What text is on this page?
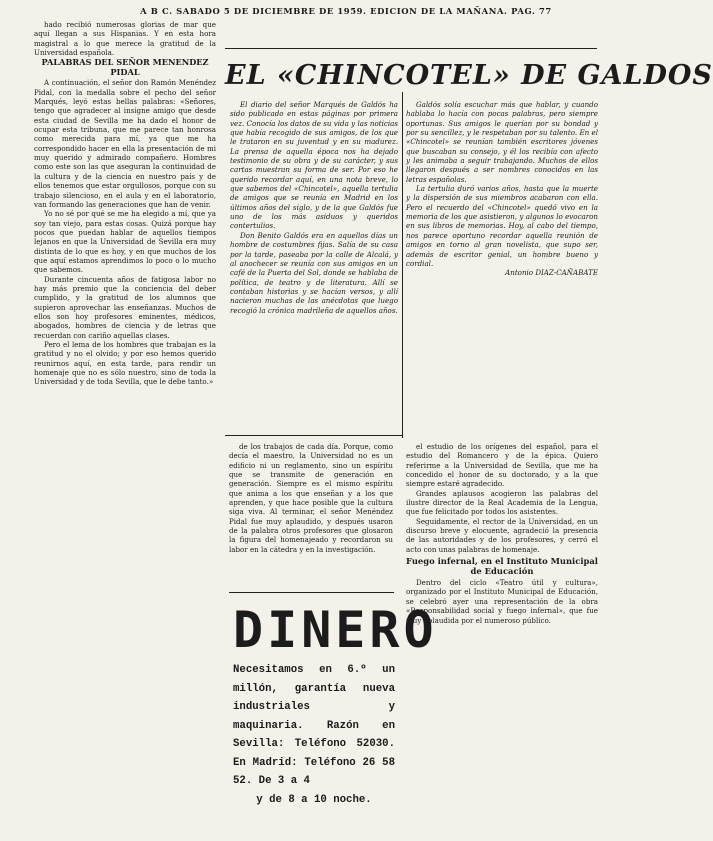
A B C. SABADO 5 DE DICIEMBRE DE 1959. EDICION DE LA MAÑANA. PAG. 77

hado recibió numerosas glorias de mar que aquí llegan a sus Hispanias. Y en esta hora magistral a lo que merece la gratitud de la Universidad española.

PALABRAS DEL SEÑOR MENENDEZ PIDAL

A continuación, el señor don Ramón Menéndez Pidal, con la medalla sobre el pecho del señor Marqués, leyó estas bellas palabras: «Señores, tengo que agradecer al insigne amigo que desde esta ciudad de Sevilla me ha dado el honor de ocupar esta tribuna, que me parece tan honrosa como merecida para mí, ya que me ha correspondido hacer en ella la presentación de mi muy querido y admirado compañero. Hombres como este son las que aseguran la continuidad de la cultura y de la ciencia en nuestro país y de ellos tenemos que estar orgullosos, porque con su trabajo silencioso, en el aula y en el laboratorio, van formando las generaciones que han de venir.

Yo no sé por qué se me ha elegido a mí, que ya soy tan viejo, para estas cosas. Quizá porque hay pocos que puedan hablar de aquellos tiempos lejanos en que la Universidad de Sevilla era muy distinta de lo que es hoy, y en que muchos de los que aquí estamos aprendimos lo poco o lo mucho que sabemos.

Durante cincuenta años de fatigosa labor no hay más premio que la conciencia del deber cumplido, y la gratitud de los alumnos que supieron aprovechar las enseñanzas. Muchos de ellos son hoy profesores eminentes, médicos, abogados, hombres de ciencia y de letras que recuerdan con cariño aquellas clases.

Pero el lema de los hombres que trabajan es la gratitud y no el olvido; y por eso hemos querido reunirnos aquí, en esta tarde, para rendir un homenaje que no es sólo nuestro, sino de toda la Universidad y de toda Sevilla, que le debe tanto.»

EL «CHINCOTEL» DE GALDOS

El diario del señor Marqués de Galdós ha sido publicado en estas páginas por primera vez. Conocía los datos de su vida y las noticias que había recogido de sus amigos, de los que le trataron en su juventud y en su madurez. La prensa de aquella época nos ha dejado testimonio de su obra y de su carácter, y sus cartas muestran su forma de ser. Por eso he querido recordar aquí, en una nota breve, lo que sabemos del «Chincotel», aquella tertulia de amigos que se reunía en Madrid en los últimos años del siglo, y de la que Galdós fue uno de los más asiduos y queridos contertulios.

Don Benito Galdós era en aquellos días un hombre de costumbres fijas. Salía de su casa por la tarde, paseaba por la calle de Alcalá, y al anochecer se reunía con sus amigos en un café de la Puerta del Sol, donde se hablaba de política, de teatro y de literatura. Allí se contaban historias y se hacían versos, y allí nacieron muchas de las anécdotas que luego recogió la crónica madrileña de aquellos años.

Galdós solía escuchar más que hablar, y cuando hablaba lo hacía con pocas palabras, pero siempre oportunas. Sus amigos le querían por su bondad y por su sencillez, y le respetaban por su talento. En el «Chincotel» se reunían también escritores jóvenes que buscaban su consejo, y él los recibía con afecto y les animaba a seguir trabajando. Muchos de ellos llegaron después a ser nombres conocidos en las letras españolas.

La tertulia duró varios años, hasta que la muerte y la dispersión de sus miembros acabaron con ella. Pero el recuerdo del «Chincotel» quedó vivo en la memoria de los que asistieron, y algunos lo evocaron en sus libros de memorias. Hoy, al cabo del tiempo, nos parece oportuno recordar aquella reunión de amigos en torno al gran novelista, que supo ser, además de escritor genial, un hombre bueno y cordial.

Antonio DIAZ-CAÑABATE

de los trabajos de cada día. Porque, como decía el maestro, la Universidad no es un edificio ni un reglamento, sino un espíritu que se transmite de generación en generación. Siempre es el mismo espíritu que anima a los que enseñan y a los que aprenden, y que hace posible que la cultura siga viva. Al terminar, el señor Menéndez Pidal fue muy aplaudido, y después usaron de la palabra otros profesores que glosaron la figura del homenajeado y recordaron su labor en la cátedra y en la investigación.

DINERO
Necesitamos en 6.º un millón, garantía nueva industriales y maquinaria. Razón en Sevilla: Teléfono 52030. En Madrid: Teléfono 26 58 52. De 3 a 4
y de 8 a 10 noche.

el estudio de los orígenes del español, para el estudio del Romancero y de la épica. Quiero referirme a la Universidad de Sevilla, que me ha concedido el honor de su doctorado, y a la que siempre estaré agradecido.

Grandes aplausos acogieron las palabras del ilustre director de la Real Academia de la Lengua, que fue felicitado por todos los asistentes.

Seguidamente, el rector de la Universidad, en un discurso breve y elocuente, agradeció la presencia de las autoridades y de los profesores, y cerró el acto con unas palabras de homenaje.

Fuego infernal, en el Instituto Municipal de Educación

Dentro del ciclo «Teatro útil y cultura», organizado por el Instituto Municipal de Educación, se celebró ayer una representación de la obra «Responsabilidad social y fuego infernal», que fue muy aplaudida por el numeroso público.
